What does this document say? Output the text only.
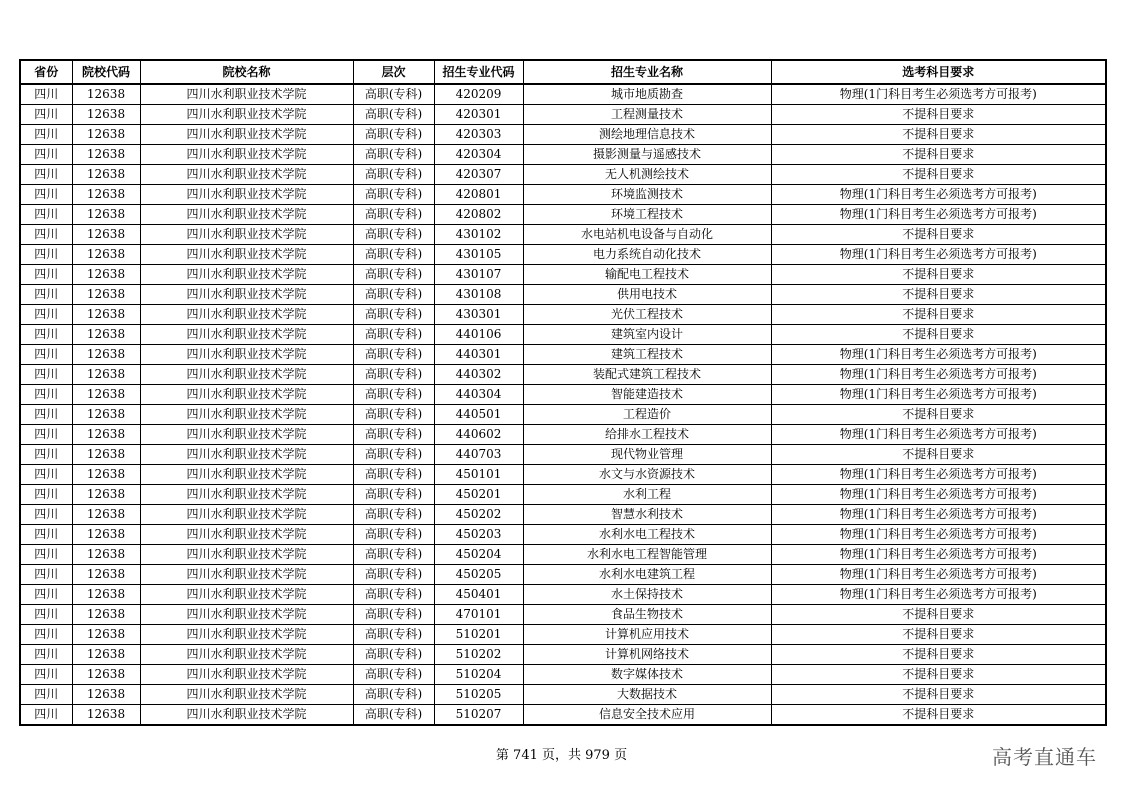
省份	院校代码	院校名称	层次	招生专业代码	招生专业名称	选考科目要求
四川	12638	四川水利职业技术学院	高职(专科)	420209	城市地质勘查	物理(1门科目考生必须选考方可报考)
四川	12638	四川水利职业技术学院	高职(专科)	420301	工程测量技术	不提科目要求
四川	12638	四川水利职业技术学院	高职(专科)	420303	测绘地理信息技术	不提科目要求
四川	12638	四川水利职业技术学院	高职(专科)	420304	摄影测量与遥感技术	不提科目要求
四川	12638	四川水利职业技术学院	高职(专科)	420307	无人机测绘技术	不提科目要求
四川	12638	四川水利职业技术学院	高职(专科)	420801	环境监测技术	物理(1门科目考生必须选考方可报考)
四川	12638	四川水利职业技术学院	高职(专科)	420802	环境工程技术	物理(1门科目考生必须选考方可报考)
四川	12638	四川水利职业技术学院	高职(专科)	430102	水电站机电设备与自动化	不提科目要求
四川	12638	四川水利职业技术学院	高职(专科)	430105	电力系统自动化技术	物理(1门科目考生必须选考方可报考)
四川	12638	四川水利职业技术学院	高职(专科)	430107	输配电工程技术	不提科目要求
四川	12638	四川水利职业技术学院	高职(专科)	430108	供用电技术	不提科目要求
四川	12638	四川水利职业技术学院	高职(专科)	430301	光伏工程技术	不提科目要求
四川	12638	四川水利职业技术学院	高职(专科)	440106	建筑室内设计	不提科目要求
四川	12638	四川水利职业技术学院	高职(专科)	440301	建筑工程技术	物理(1门科目考生必须选考方可报考)
四川	12638	四川水利职业技术学院	高职(专科)	440302	装配式建筑工程技术	物理(1门科目考生必须选考方可报考)
四川	12638	四川水利职业技术学院	高职(专科)	440304	智能建造技术	物理(1门科目考生必须选考方可报考)
四川	12638	四川水利职业技术学院	高职(专科)	440501	工程造价	不提科目要求
四川	12638	四川水利职业技术学院	高职(专科)	440602	给排水工程技术	物理(1门科目考生必须选考方可报考)
四川	12638	四川水利职业技术学院	高职(专科)	440703	现代物业管理	不提科目要求
四川	12638	四川水利职业技术学院	高职(专科)	450101	水文与水资源技术	物理(1门科目考生必须选考方可报考)
四川	12638	四川水利职业技术学院	高职(专科)	450201	水利工程	物理(1门科目考生必须选考方可报考)
四川	12638	四川水利职业技术学院	高职(专科)	450202	智慧水利技术	物理(1门科目考生必须选考方可报考)
四川	12638	四川水利职业技术学院	高职(专科)	450203	水利水电工程技术	物理(1门科目考生必须选考方可报考)
四川	12638	四川水利职业技术学院	高职(专科)	450204	水利水电工程智能管理	物理(1门科目考生必须选考方可报考)
四川	12638	四川水利职业技术学院	高职(专科)	450205	水利水电建筑工程	物理(1门科目考生必须选考方可报考)
四川	12638	四川水利职业技术学院	高职(专科)	450401	水土保持技术	物理(1门科目考生必须选考方可报考)
四川	12638	四川水利职业技术学院	高职(专科)	470101	食品生物技术	不提科目要求
四川	12638	四川水利职业技术学院	高职(专科)	510201	计算机应用技术	不提科目要求
四川	12638	四川水利职业技术学院	高职(专科)	510202	计算机网络技术	不提科目要求
四川	12638	四川水利职业技术学院	高职(专科)	510204	数字媒体技术	不提科目要求
四川	12638	四川水利职业技术学院	高职(专科)	510205	大数据技术	不提科目要求
四川	12638	四川水利职业技术学院	高职(专科)	510207	信息安全技术应用	不提科目要求
第 741 页，共 979 页	高考直通车
